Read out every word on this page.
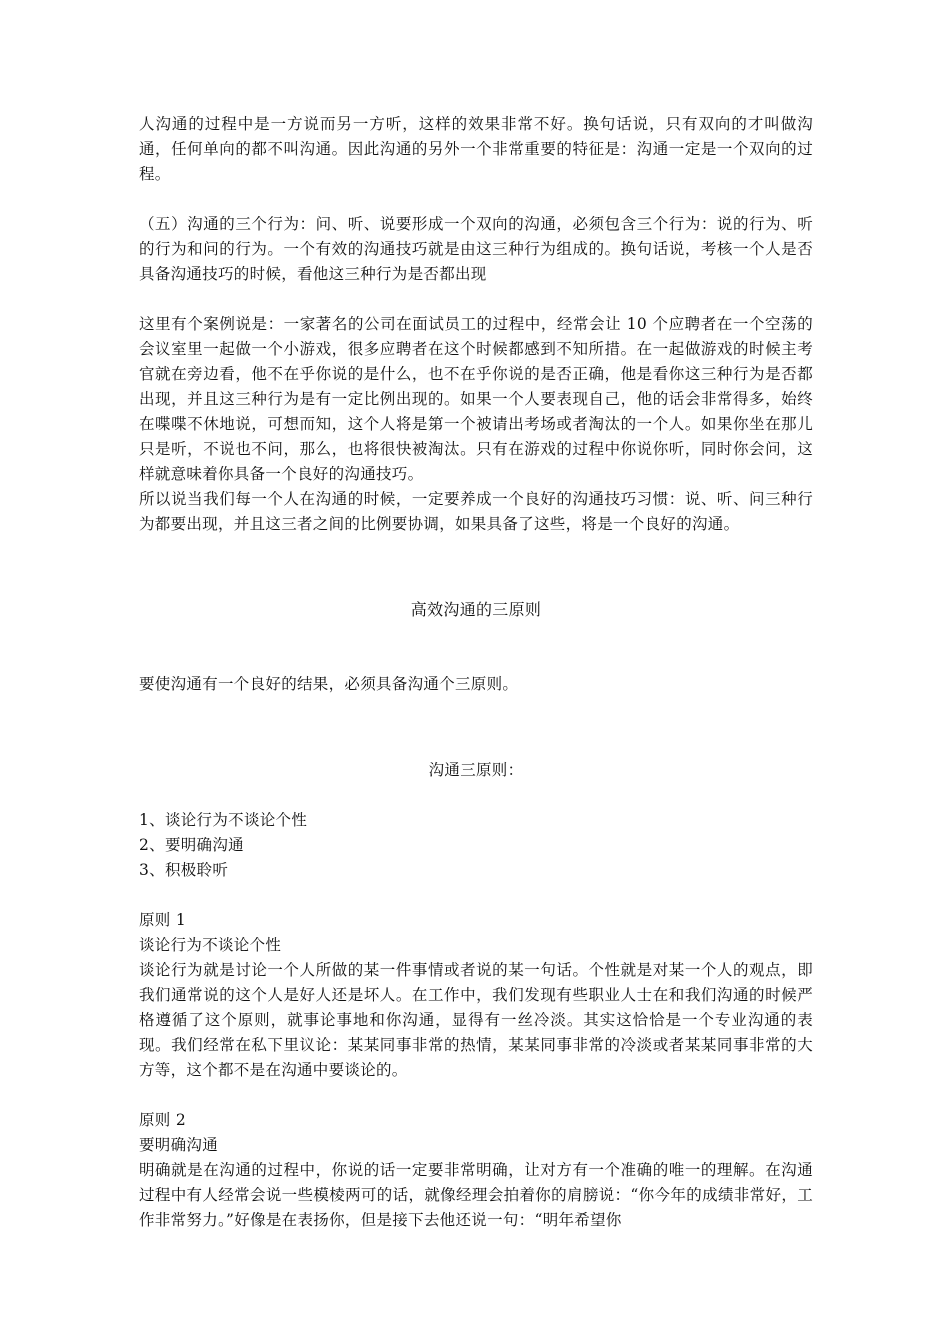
人沟通的过程中是一方说而另一方听，这样的效果非常不好。换句话说，只有双向的才叫做沟通，任何单向的都不叫沟通。因此沟通的另外一个非常重要的特征是：沟通一定是一个双向的过程。

（五）沟通的三个行为：问、听、说要形成一个双向的沟通，必须包含三个行为：说的行为、听的行为和问的行为。一个有效的沟通技巧就是由这三种行为组成的。换句话说，考核一个人是否具备沟通技巧的时候，看他这三种行为是否都出现

这里有个案例说是：一家著名的公司在面试员工的过程中，经常会让 10 个应聘者在一个空荡的会议室里一起做一个小游戏，很多应聘者在这个时候都感到不知所措。在一起做游戏的时候主考官就在旁边看，他不在乎你说的是什么，也不在乎你说的是否正确，他是看你这三种行为是否都出现，并且这三种行为是有一定比例出现的。如果一个人要表现自己，他的话会非常得多，始终在喋喋不休地说，可想而知，这个人将是第一个被请出考场或者淘汰的一个人。如果你坐在那儿只是听，不说也不问，那么，也将很快被淘汰。只有在游戏的过程中你说你听，同时你会问，这样就意味着你具备一个良好的沟通技巧。

所以说当我们每一个人在沟通的时候，一定要养成一个良好的沟通技巧习惯：说、听、问三种行为都要出现，并且这三者之间的比例要协调，如果具备了这些，将是一个良好的沟通。

高效沟通的三原则

要使沟通有一个良好的结果，必须具备沟通个三原则。

沟通三原则：

1、谈论行为不谈论个性
2、要明确沟通
3、积极聆听
原则 1
谈论行为不谈论个性

谈论行为就是讨论一个人所做的某一件事情或者说的某一句话。个性就是对某一个人的观点，即我们通常说的这个人是好人还是坏人。在工作中，我们发现有些职业人士在和我们沟通的时候严格遵循了这个原则，就事论事地和你沟通，显得有一丝冷淡。其实这恰恰是一个专业沟通的表现。我们经常在私下里议论：某某同事非常的热情，某某同事非常的冷淡或者某某同事非常的大方等，这个都不是在沟通中要谈论的。

原则 2
要明确沟通

明确就是在沟通的过程中，你说的话一定要非常明确，让对方有一个准确的唯一的理解。在沟通过程中有人经常会说一些模棱两可的话，就像经理会拍着你的肩膀说：“你今年的成绩非常好，工作非常努力。”好像是在表扬你，但是接下去他还说一句：“明年希望你
